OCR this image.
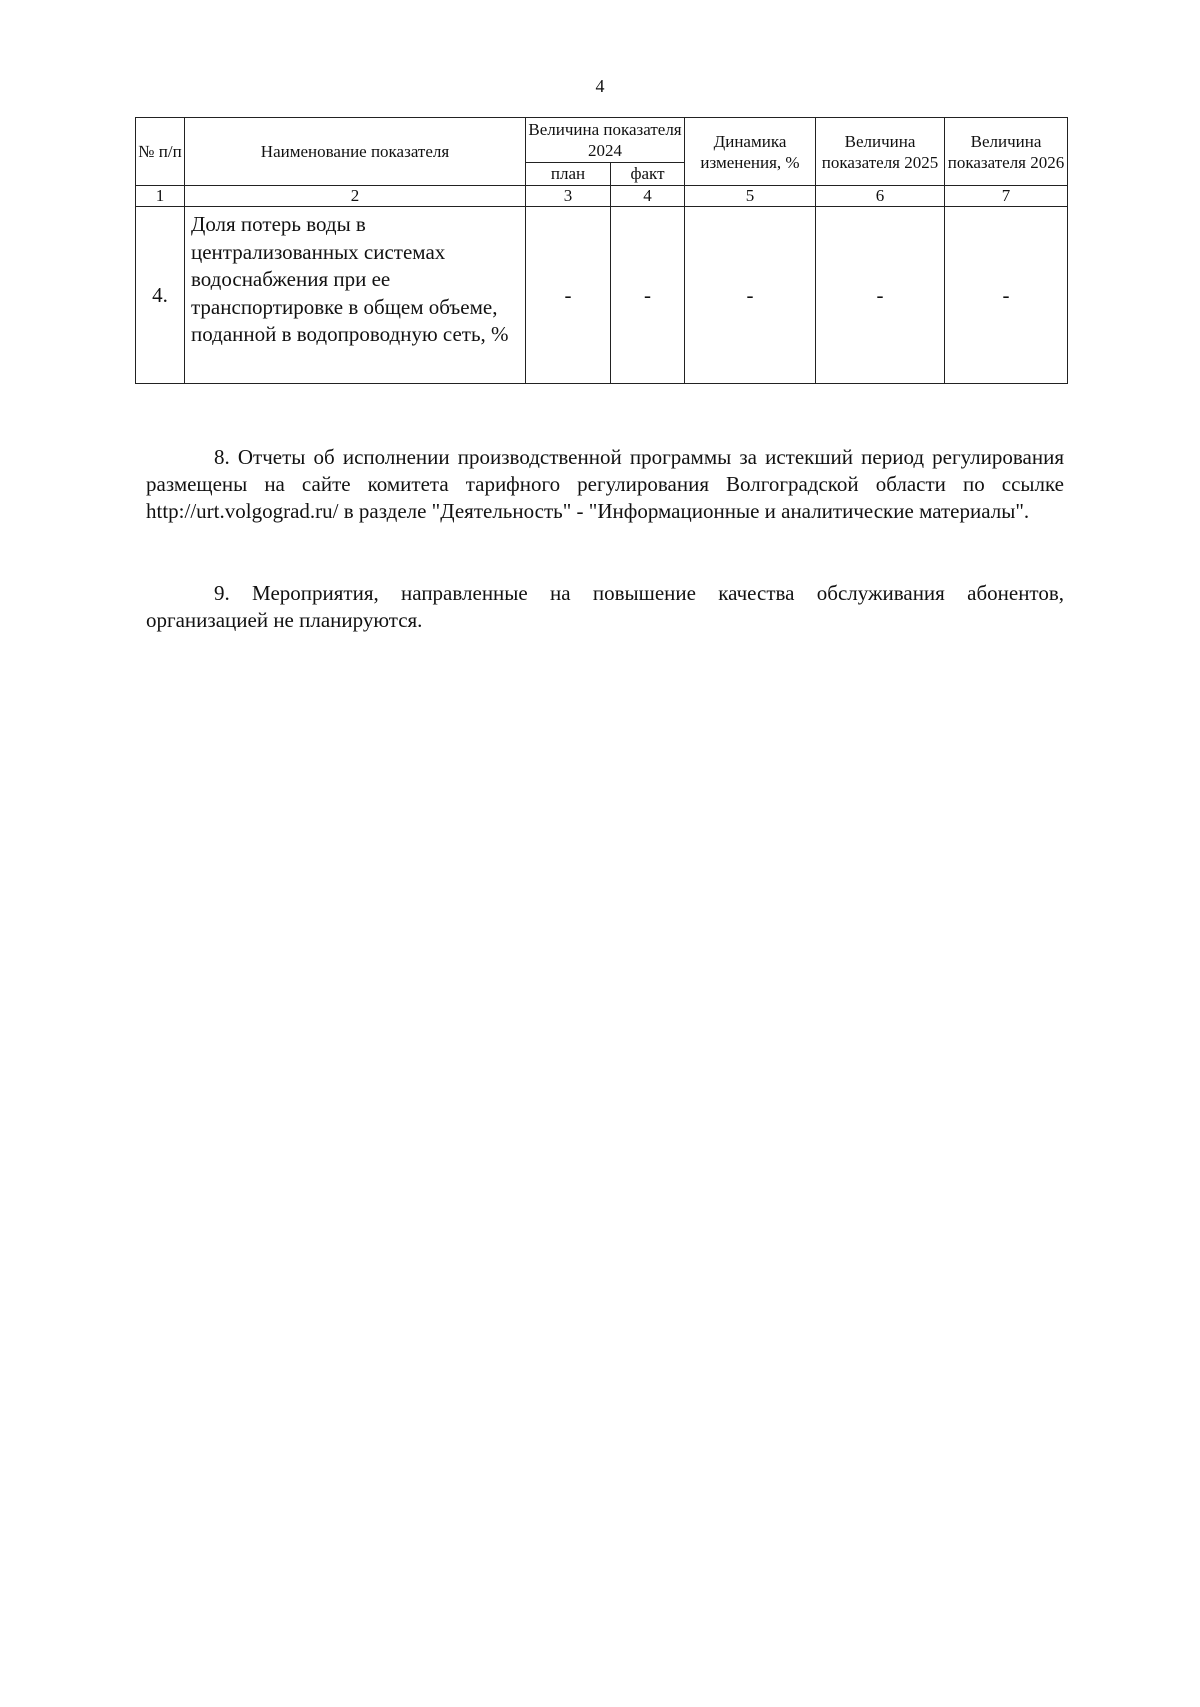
4
№ п/п	Наименование показателя	Величина показателя 2024		Динамика изменения, %	Величина показателя 2025	Величина показателя 2026
		план	факт			
1	2	3	4	5	6	7
4.	Доля потерь воды в централизованных системах водоснабжения при ее транспортировке в общем объеме, поданной в водопроводную сеть, %	-	-	-	-	-

8. Отчеты об исполнении производственной программы за истекший период регулирования размещены на сайте комитета тарифного регулирования Волгоградской области по ссылке http://urt.volgograd.ru/ в разделе "Деятельность" - "Информационные и аналитические материалы".

9. Мероприятия, направленные на повышение качества обслуживания абонентов, организацией не планируются.
